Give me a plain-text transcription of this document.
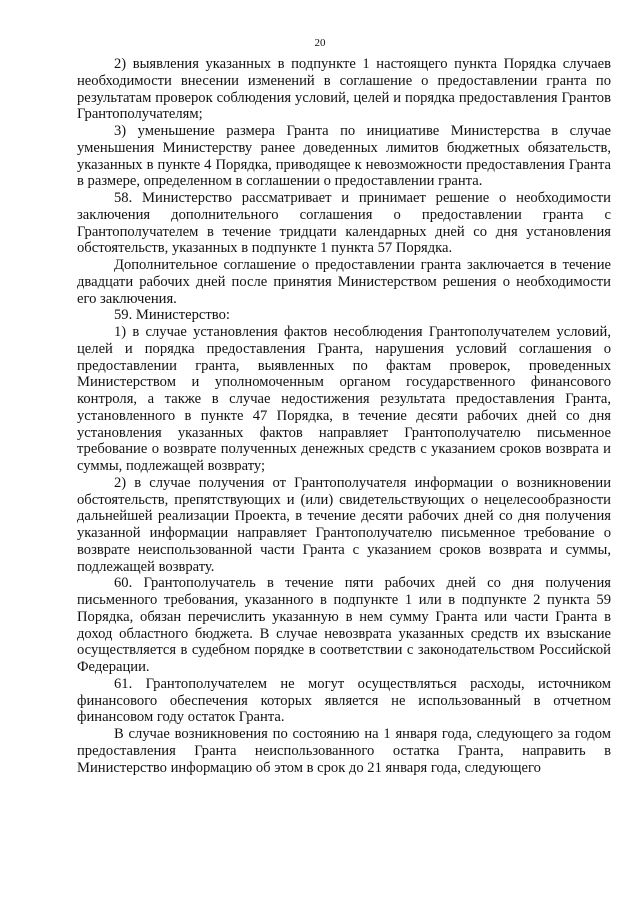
20

2) выявления указанных в подпункте 1 настоящего пункта Порядка случаев необходимости внесении изменений в соглашение о предоставлении гранта по результатам проверок соблюдения условий, целей и порядка предоставления Грантов Грантополучателям;

3) уменьшение размера Гранта по инициативе Министерства в случае уменьшения Министерству ранее доведенных лимитов бюджетных обязательств, указанных в пункте 4 Порядка, приводящее к невозможности предоставления Гранта в размере, определенном в соглашении о предоставлении гранта.

58. Министерство рассматривает и принимает решение о необходимости заключения дополнительного соглашения о предоставлении гранта с Грантополучателем в течение тридцати календарных дней со дня установления обстоятельств, указанных в подпункте 1 пункта 57 Порядка.

Дополнительное соглашение о предоставлении гранта заключается в течение двадцати рабочих дней после принятия Министерством решения о необходимости его заключения.

59. Министерство:

1) в случае установления фактов несоблюдения Грантополучателем условий, целей и порядка предоставления Гранта, нарушения условий соглашения о предоставлении гранта, выявленных по фактам проверок, проведенных Министерством и уполномоченным органом государственного финансового контроля, а также в случае недостижения результата предоставления Гранта, установленного в пункте 47 Порядка, в течение десяти рабочих дней со дня установления указанных фактов направляет Грантополучателю письменное требование о возврате полученных денежных средств с указанием сроков возврата и суммы, подлежащей возврату;

2) в случае получения от Грантополучателя информации о возникновении обстоятельств, препятствующих и (или) свидетельствующих о нецелесообразности дальнейшей реализации Проекта, в течение десяти рабочих дней со дня получения указанной информации направляет Грантополучателю письменное требование о возврате неиспользованной части Гранта с указанием сроков возврата и суммы, подлежащей возврату.

60. Грантополучатель в течение пяти рабочих дней со дня получения письменного требования, указанного в подпункте 1 или в подпункте 2 пункта 59 Порядка, обязан перечислить указанную в нем сумму Гранта или части Гранта в доход областного бюджета. В случае невозврата указанных средств их взыскание осуществляется в судебном порядке в соответствии с законодательством Российской Федерации.

61. Грантополучателем не могут осуществляться расходы, источником финансового обеспечения которых является не использованный в отчетном финансовом году остаток Гранта.

В случае возникновения по состоянию на 1 января года, следующего за годом предоставления Гранта неиспользованного остатка Гранта, направить в Министерство информацию об этом в срок до 21 января года, следующего
